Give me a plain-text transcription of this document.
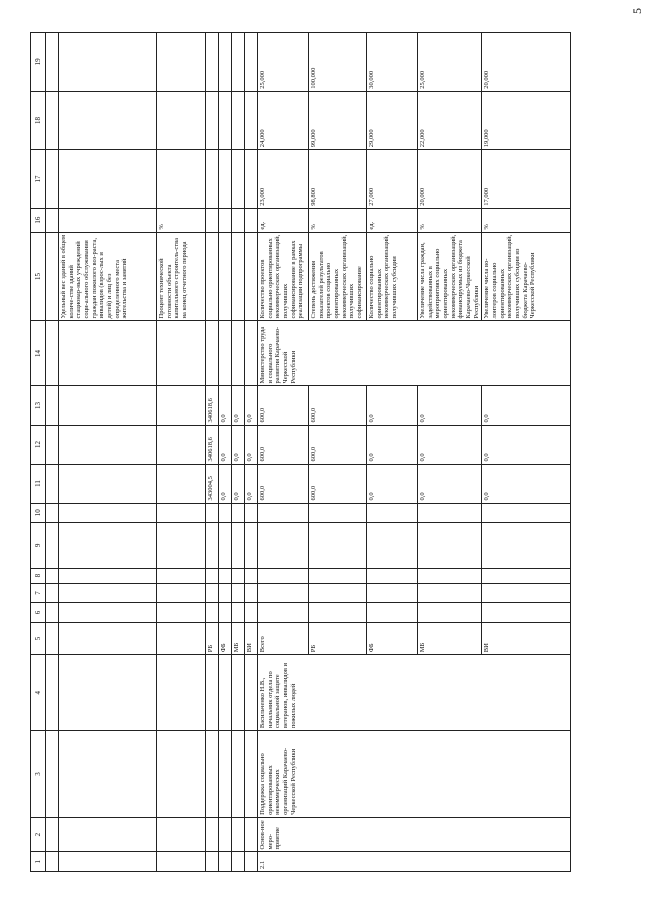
5
1	2	3	4	5	6	7	8	9	10	11	12	13	14	15	16	17	18	19

														Удельный вес зданий в общем количе-стве зданий стационар-ных учреждений соци-ального обслуживания граждан пожилого воз-раста, инвалидов (взрос-лых и детей) и лиц без определенного места жительства и занятий				
														Процент технической готовности объекта капитального строитель-ства на конец отчетного периода	%			
				РБ						343004,5	340618,6	340618,6						
				ФБ						0,0	0,0	0,0						
				МБ						0,0	0,0	0,0						
				ВИ						0,0	0,0	0,0						
2.1	Основ-ное меро-приятие	Поддержка социально ориентированных некоммерческих организаций Карачаево-Черкесской Республики	Васильченко Н.В., начальник отдела по социальной защите ветеранов, инвалидов и пожилых людей	Всего						600,0	600,0	600,0	Министерство труда и социального развития Карачаево-Черкесской Республики	Количество проектов социально ориентированных некоммерческих организаций, получивших софинансирование в рамках реализации подпрограммы	ед.	23,000	24,000	25,000
				РБ						600,0	600,0	600,0		Степень достижения показателей результатов проектов социально ориентированных некоммерческих организаций, получивших софинансирование	%	98,800	99,000	100,000
				ФБ						0,0	0,0	0,0		Количество социально ориентированных некоммерческих организаций, получивших субсидии	ед.	27,000	29,000	30,000
				МБ						0,0	0,0	0,0		Увеличение числа граждан, задействованных в мероприятиях социально ориентированных некоммерческих организаций, финансируемых из бюджета Карачаево-Черкесской Республики	%	20,000	22,000	25,000
				ВИ						0,0	0,0	0,0		Увеличение числа во-лонтеров социально ориентированных некоммерческих организаций, получивших субсидии из бюджета Карачаево-Черкесской Республики	%	17,000	19,000	20,000
